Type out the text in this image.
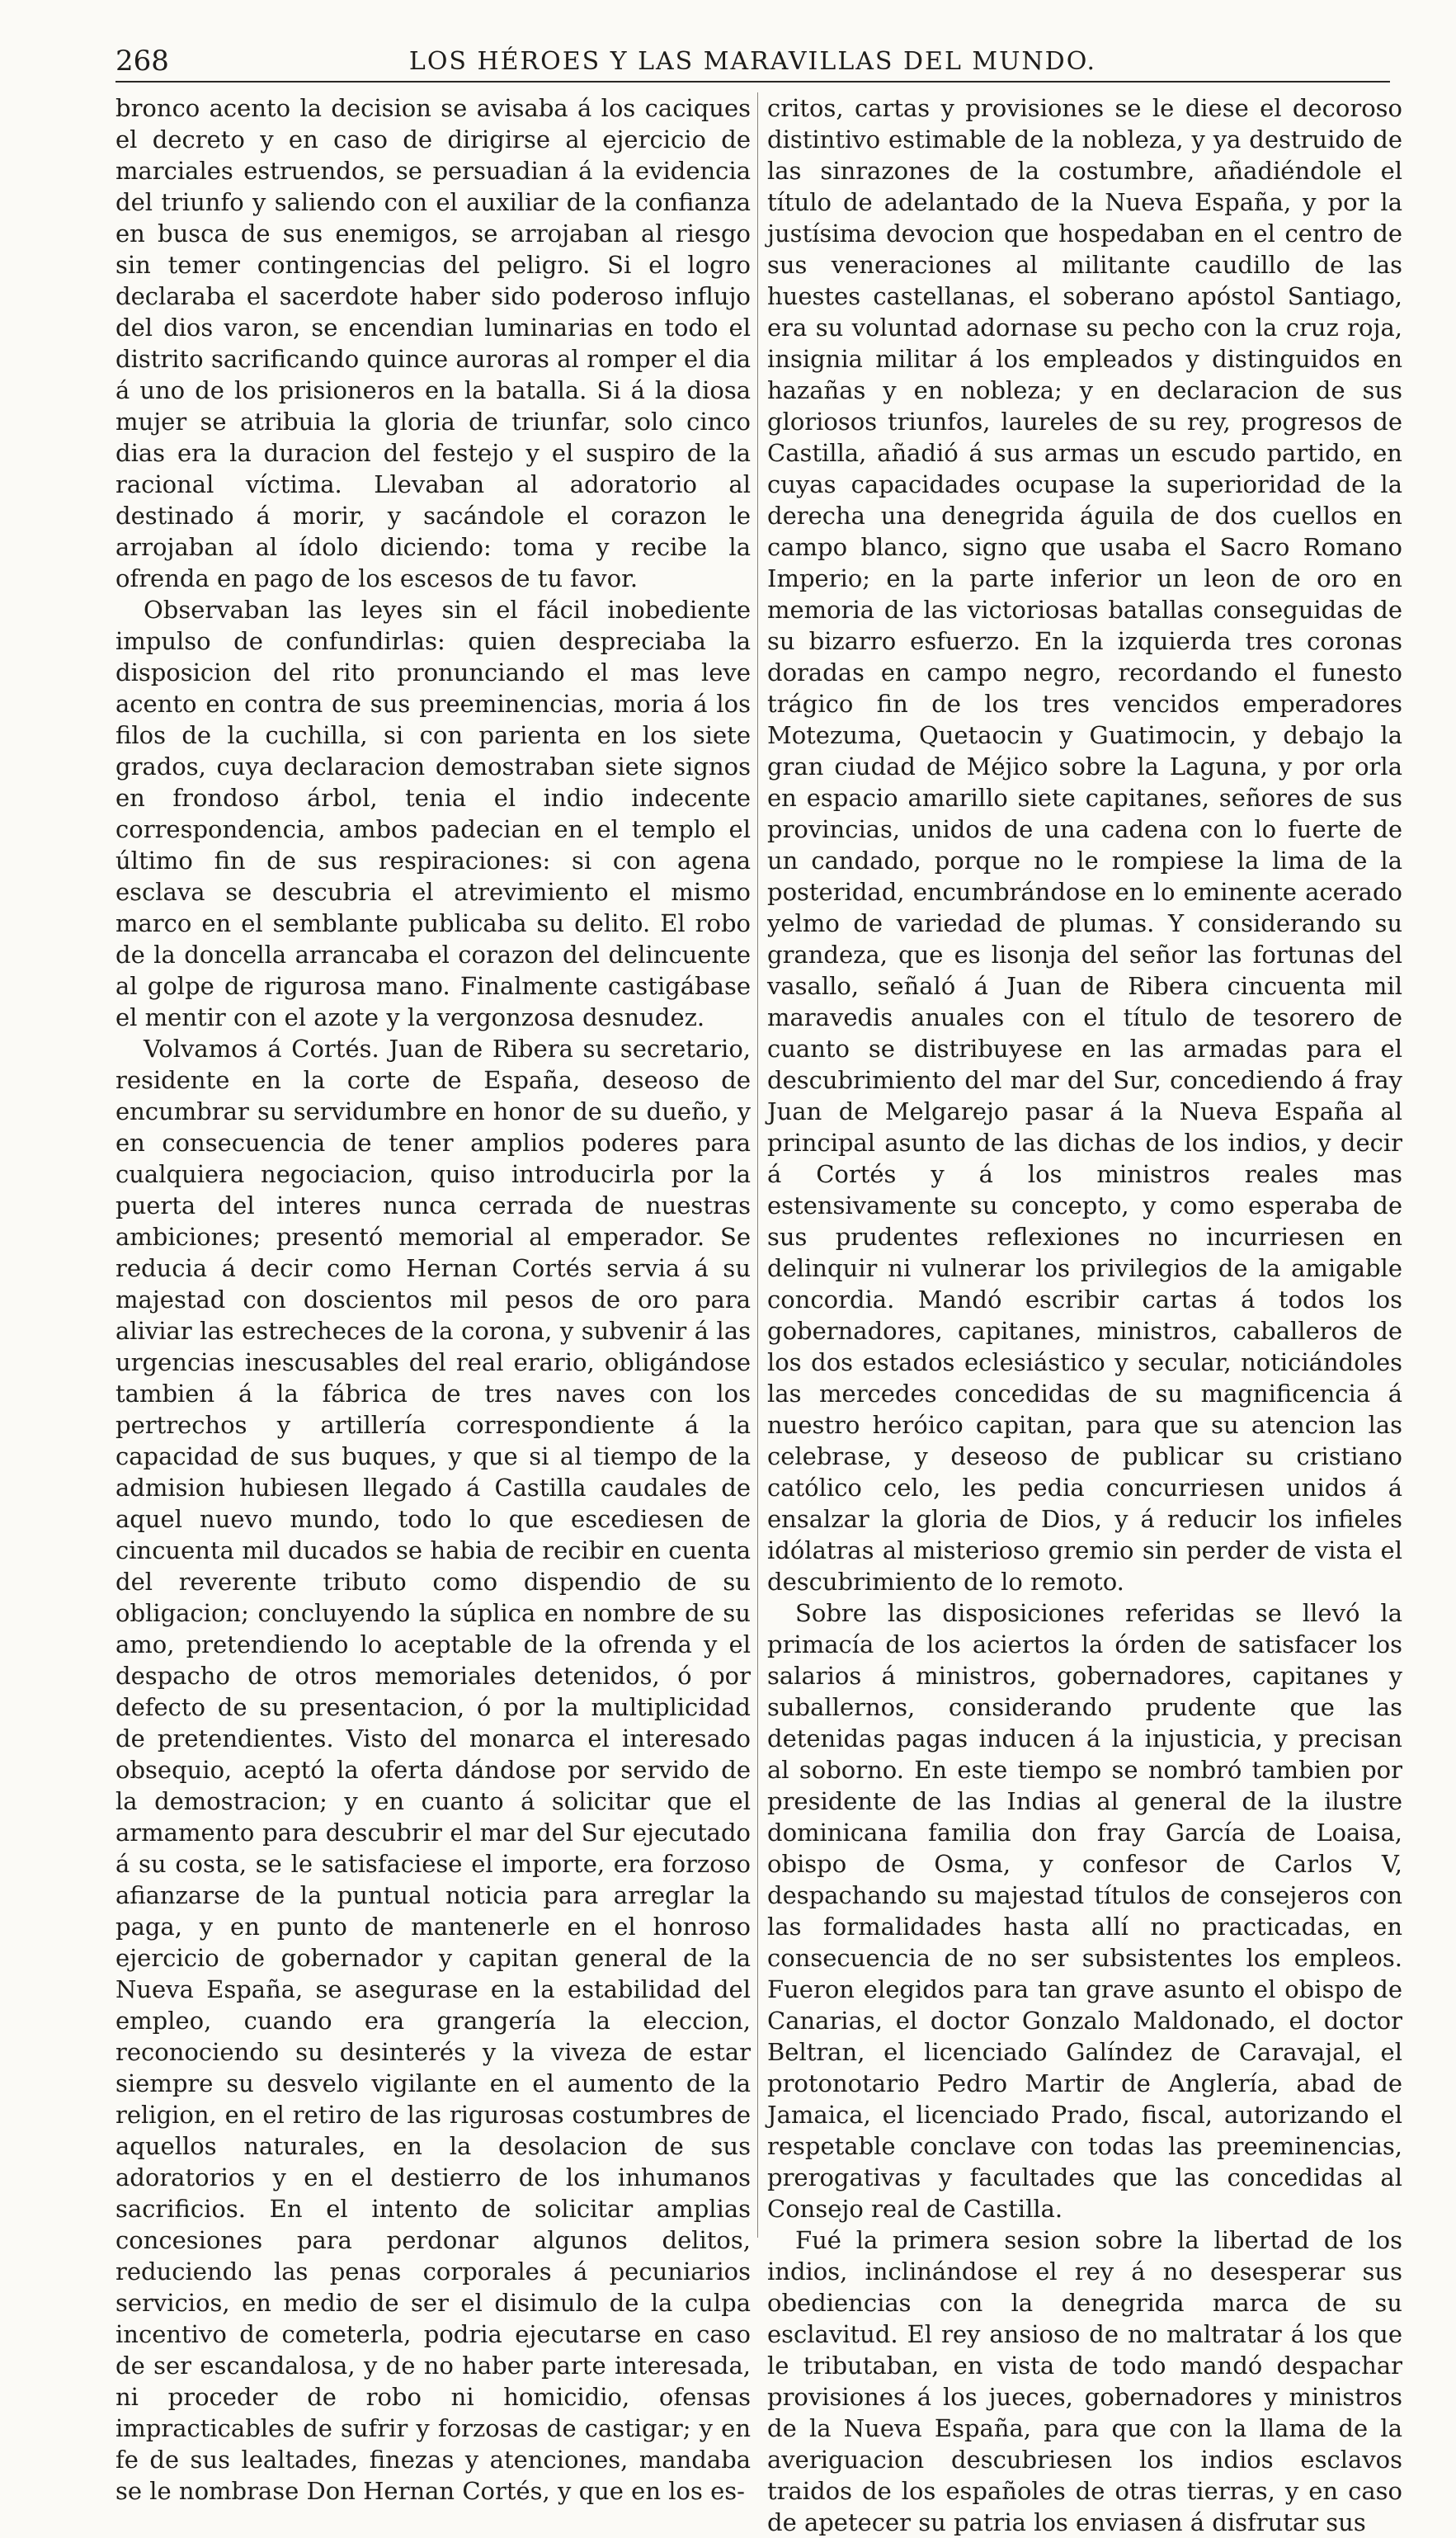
268	LOS HÉROES Y LAS MARAVILLAS DEL MUNDO.

bronco acento la decision se avisaba á los caciques el decreto y en caso de dirigirse al ejercicio de marciales estruendos, se persuadian á la evidencia del triunfo y saliendo con el auxiliar de la confianza en busca de sus enemigos, se arrojaban al riesgo sin temer contingencias del peligro. Si el logro declaraba el sacerdote haber sido poderoso influjo del dios varon, se encendian luminarias en todo el distrito sacrificando quince auroras al romper el dia á uno de los prisioneros en la batalla. Si á la diosa mujer se atribuia la gloria de triunfar, solo cinco dias era la duracion del festejo y el suspiro de la racional víctima. Llevaban al adoratorio al destinado á morir, y sacándole el corazon le arrojaban al ídolo diciendo: toma y recibe la ofrenda en pago de los escesos de tu favor.

Observaban las leyes sin el fácil inobediente impulso de confundirlas: quien despreciaba la disposicion del rito pronunciando el mas leve acento en contra de sus preeminencias, moria á los filos de la cuchilla, si con parienta en los siete grados, cuya declaracion demostraban siete signos en frondoso árbol, tenia el indio indecente correspondencia, ambos padecian en el templo el último fin de sus respiraciones: si con agena esclava se descubria el atrevimiento el mismo marco en el semblante publicaba su delito. El robo de la doncella arrancaba el corazon del delincuente al golpe de rigurosa mano. Finalmente castigábase el mentir con el azote y la vergonzosa desnudez.

Volvamos á Cortés. Juan de Ribera su secretario, residente en la corte de España, deseoso de encumbrar su servidumbre en honor de su dueño, y en consecuencia de tener amplios poderes para cualquiera negociacion, quiso introducirla por la puerta del interes nunca cerrada de nuestras ambiciones; presentó memorial al emperador. Se reducia á decir como Hernan Cortés servia á su majestad con doscientos mil pesos de oro para aliviar las estrecheces de la corona, y subvenir á las urgencias inescusables del real erario, obligándose tambien á la fábrica de tres naves con los pertrechos y artillería correspondiente á la capacidad de sus buques, y que si al tiempo de la admision hubiesen llegado á Castilla caudales de aquel nuevo mundo, todo lo que escediesen de cincuenta mil ducados se habia de recibir en cuenta del reverente tributo como dispendio de su obligacion; concluyendo la súplica en nombre de su amo, pretendiendo lo aceptable de la ofrenda y el despacho de otros memoriales detenidos, ó por defecto de su presentacion, ó por la multiplicidad de pretendientes. Visto del monarca el interesado obsequio, aceptó la oferta dándose por servido de la demostracion; y en cuanto á solicitar que el armamento para descubrir el mar del Sur ejecutado á su costa, se le satisfaciese el importe, era forzoso afianzarse de la puntual noticia para arreglar la paga, y en punto de mantenerle en el honroso ejercicio de gobernador y capitan general de la Nueva España, se asegurase en la estabilidad del empleo, cuando era grangería la eleccion, reconociendo su desinterés y la viveza de estar siempre su desvelo vigilante en el aumento de la religion, en el retiro de las rigurosas costumbres de aquellos naturales, en la desolacion de sus adoratorios y en el destierro de los inhumanos sacrificios. En el intento de solicitar amplias concesiones para perdonar algunos delitos, reduciendo las penas corporales á pecuniarios servicios, en medio de ser el disimulo de la culpa incentivo de cometerla, podria ejecutarse en caso de ser escandalosa, y de no haber parte interesada, ni proceder de robo ni homicidio, ofensas impracticables de sufrir y forzosas de castigar; y en fe de sus lealtades, finezas y atenciones, mandaba se le nombrase Don Hernan Cortés, y que en los es-

critos, cartas y provisiones se le diese el decoroso distintivo estimable de la nobleza, y ya destruido de las sinrazones de la costumbre, añadiéndole el título de adelantado de la Nueva España, y por la justísima devocion que hospedaban en el centro de sus veneraciones al militante caudillo de las huestes castellanas, el soberano apóstol Santiago, era su voluntad adornase su pecho con la cruz roja, insignia militar á los empleados y distinguidos en hazañas y en nobleza; y en declaracion de sus gloriosos triunfos, laureles de su rey, progresos de Castilla, añadió á sus armas un escudo partido, en cuyas capacidades ocupase la superioridad de la derecha una denegrida águila de dos cuellos en campo blanco, signo que usaba el Sacro Romano Imperio; en la parte inferior un leon de oro en memoria de las victoriosas batallas conseguidas de su bizarro esfuerzo. En la izquierda tres coronas doradas en campo negro, recordando el funesto trágico fin de los tres vencidos emperadores Motezuma, Quetaocin y Guatimocin, y debajo la gran ciudad de Méjico sobre la Laguna, y por orla en espacio amarillo siete capitanes, señores de sus provincias, unidos de una cadena con lo fuerte de un candado, porque no le rompiese la lima de la posteridad, encumbrándose en lo eminente acerado yelmo de variedad de plumas. Y considerando su grandeza, que es lisonja del señor las fortunas del vasallo, señaló á Juan de Ribera cincuenta mil maravedis anuales con el título de tesorero de cuanto se distribuyese en las armadas para el descubrimiento del mar del Sur, concediendo á fray Juan de Melgarejo pasar á la Nueva España al principal asunto de las dichas de los indios, y decir á Cortés y á los ministros reales mas estensivamente su concepto, y como esperaba de sus prudentes reflexiones no incurriesen en delinquir ni vulnerar los privilegios de la amigable concordia. Mandó escribir cartas á todos los gobernadores, capitanes, ministros, caballeros de los dos estados eclesiástico y secular, noticiándoles las mercedes concedidas de su magnificencia á nuestro heróico capitan, para que su atencion las celebrase, y deseoso de publicar su cristiano católico celo, les pedia concurriesen unidos á ensalzar la gloria de Dios, y á reducir los infieles idólatras al misterioso gremio sin perder de vista el descubrimiento de lo remoto.

Sobre las disposiciones referidas se llevó la primacía de los aciertos la órden de satisfacer los salarios á ministros, gobernadores, capitanes y suballernos, considerando prudente que las detenidas pagas inducen á la injusticia, y precisan al soborno. En este tiempo se nombró tambien por presidente de las Indias al general de la ilustre dominicana familia don fray García de Loaisa, obispo de Osma, y confesor de Carlos V, despachando su majestad títulos de consejeros con las formalidades hasta allí no practicadas, en consecuencia de no ser subsistentes los empleos. Fueron elegidos para tan grave asunto el obispo de Canarias, el doctor Gonzalo Maldonado, el doctor Beltran, el licenciado Galíndez de Caravajal, el protonotario Pedro Martir de Anglería, abad de Jamaica, el licenciado Prado, fiscal, autorizando el respetable conclave con todas las preeminencias, prerogativas y facultades que las concedidas al Consejo real de Castilla.

Fué la primera sesion sobre la libertad de los indios, inclinándose el rey á no desesperar sus obediencias con la denegrida marca de su esclavitud. El rey ansioso de no maltratar á los que le tributaban, en vista de todo mandó despachar provisiones á los jueces, gobernadores y ministros de la Nueva España, para que con la llama de la averiguacion descubriesen los indios esclavos traidos de los españoles de otras tierras, y en caso de apetecer su patria los enviasen á disfrutar sus
